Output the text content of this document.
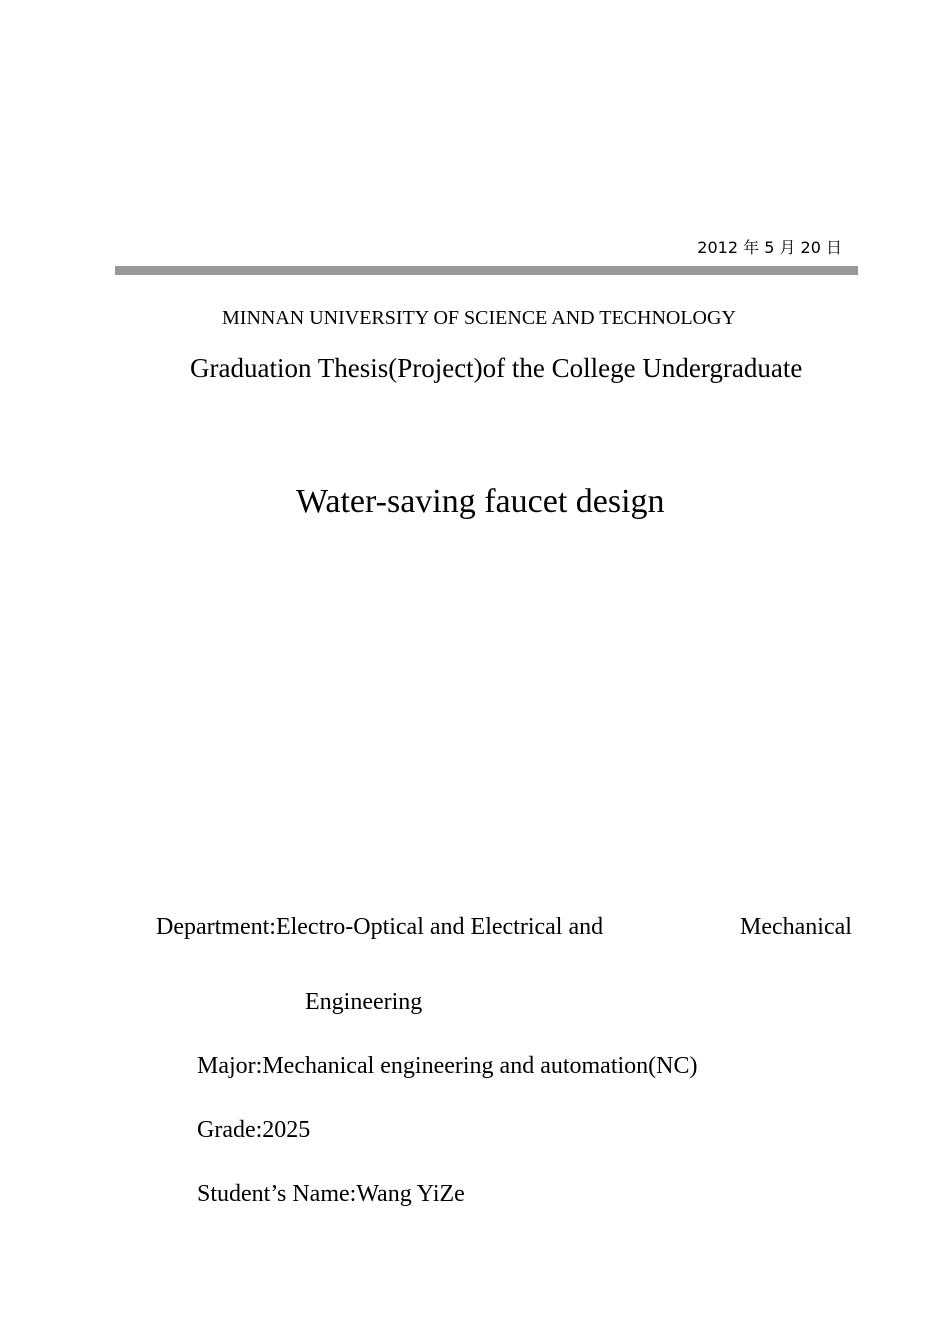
2012 年 5 月 20 日
MINNAN UNIVERSITY OF SCIENCE AND TECHNOLOGY
Graduation Thesis(Project)of the College Undergraduate
Water-saving faucet design
Department:Electro-Optical and Electrical and	Mechanical
Engineering
Major:Mechanical engineering and automation(NC)
Grade:2025
Student’s Name:Wang YiZe
